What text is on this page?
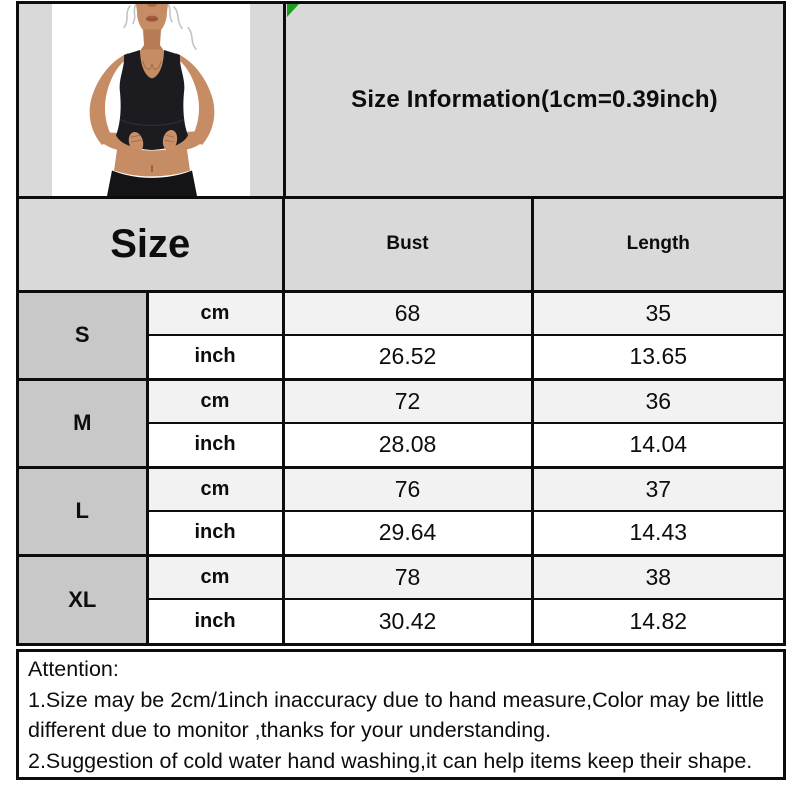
Size Information(1cm=0.39inch)
Size		Bust	Length
S	cm	68	35
	inch	26.52	13.65
M	cm	72	36
	inch	28.08	14.04
L	cm	76	37
	inch	29.64	14.43
XL	cm	78	38
	inch	30.42	14.82

Attention:

1.Size may be 2cm/1inch inaccuracy due to hand measure,Color may be little different due to monitor ,thanks for your understanding.

2.Suggestion of cold water hand washing,it can help items keep their shape.
